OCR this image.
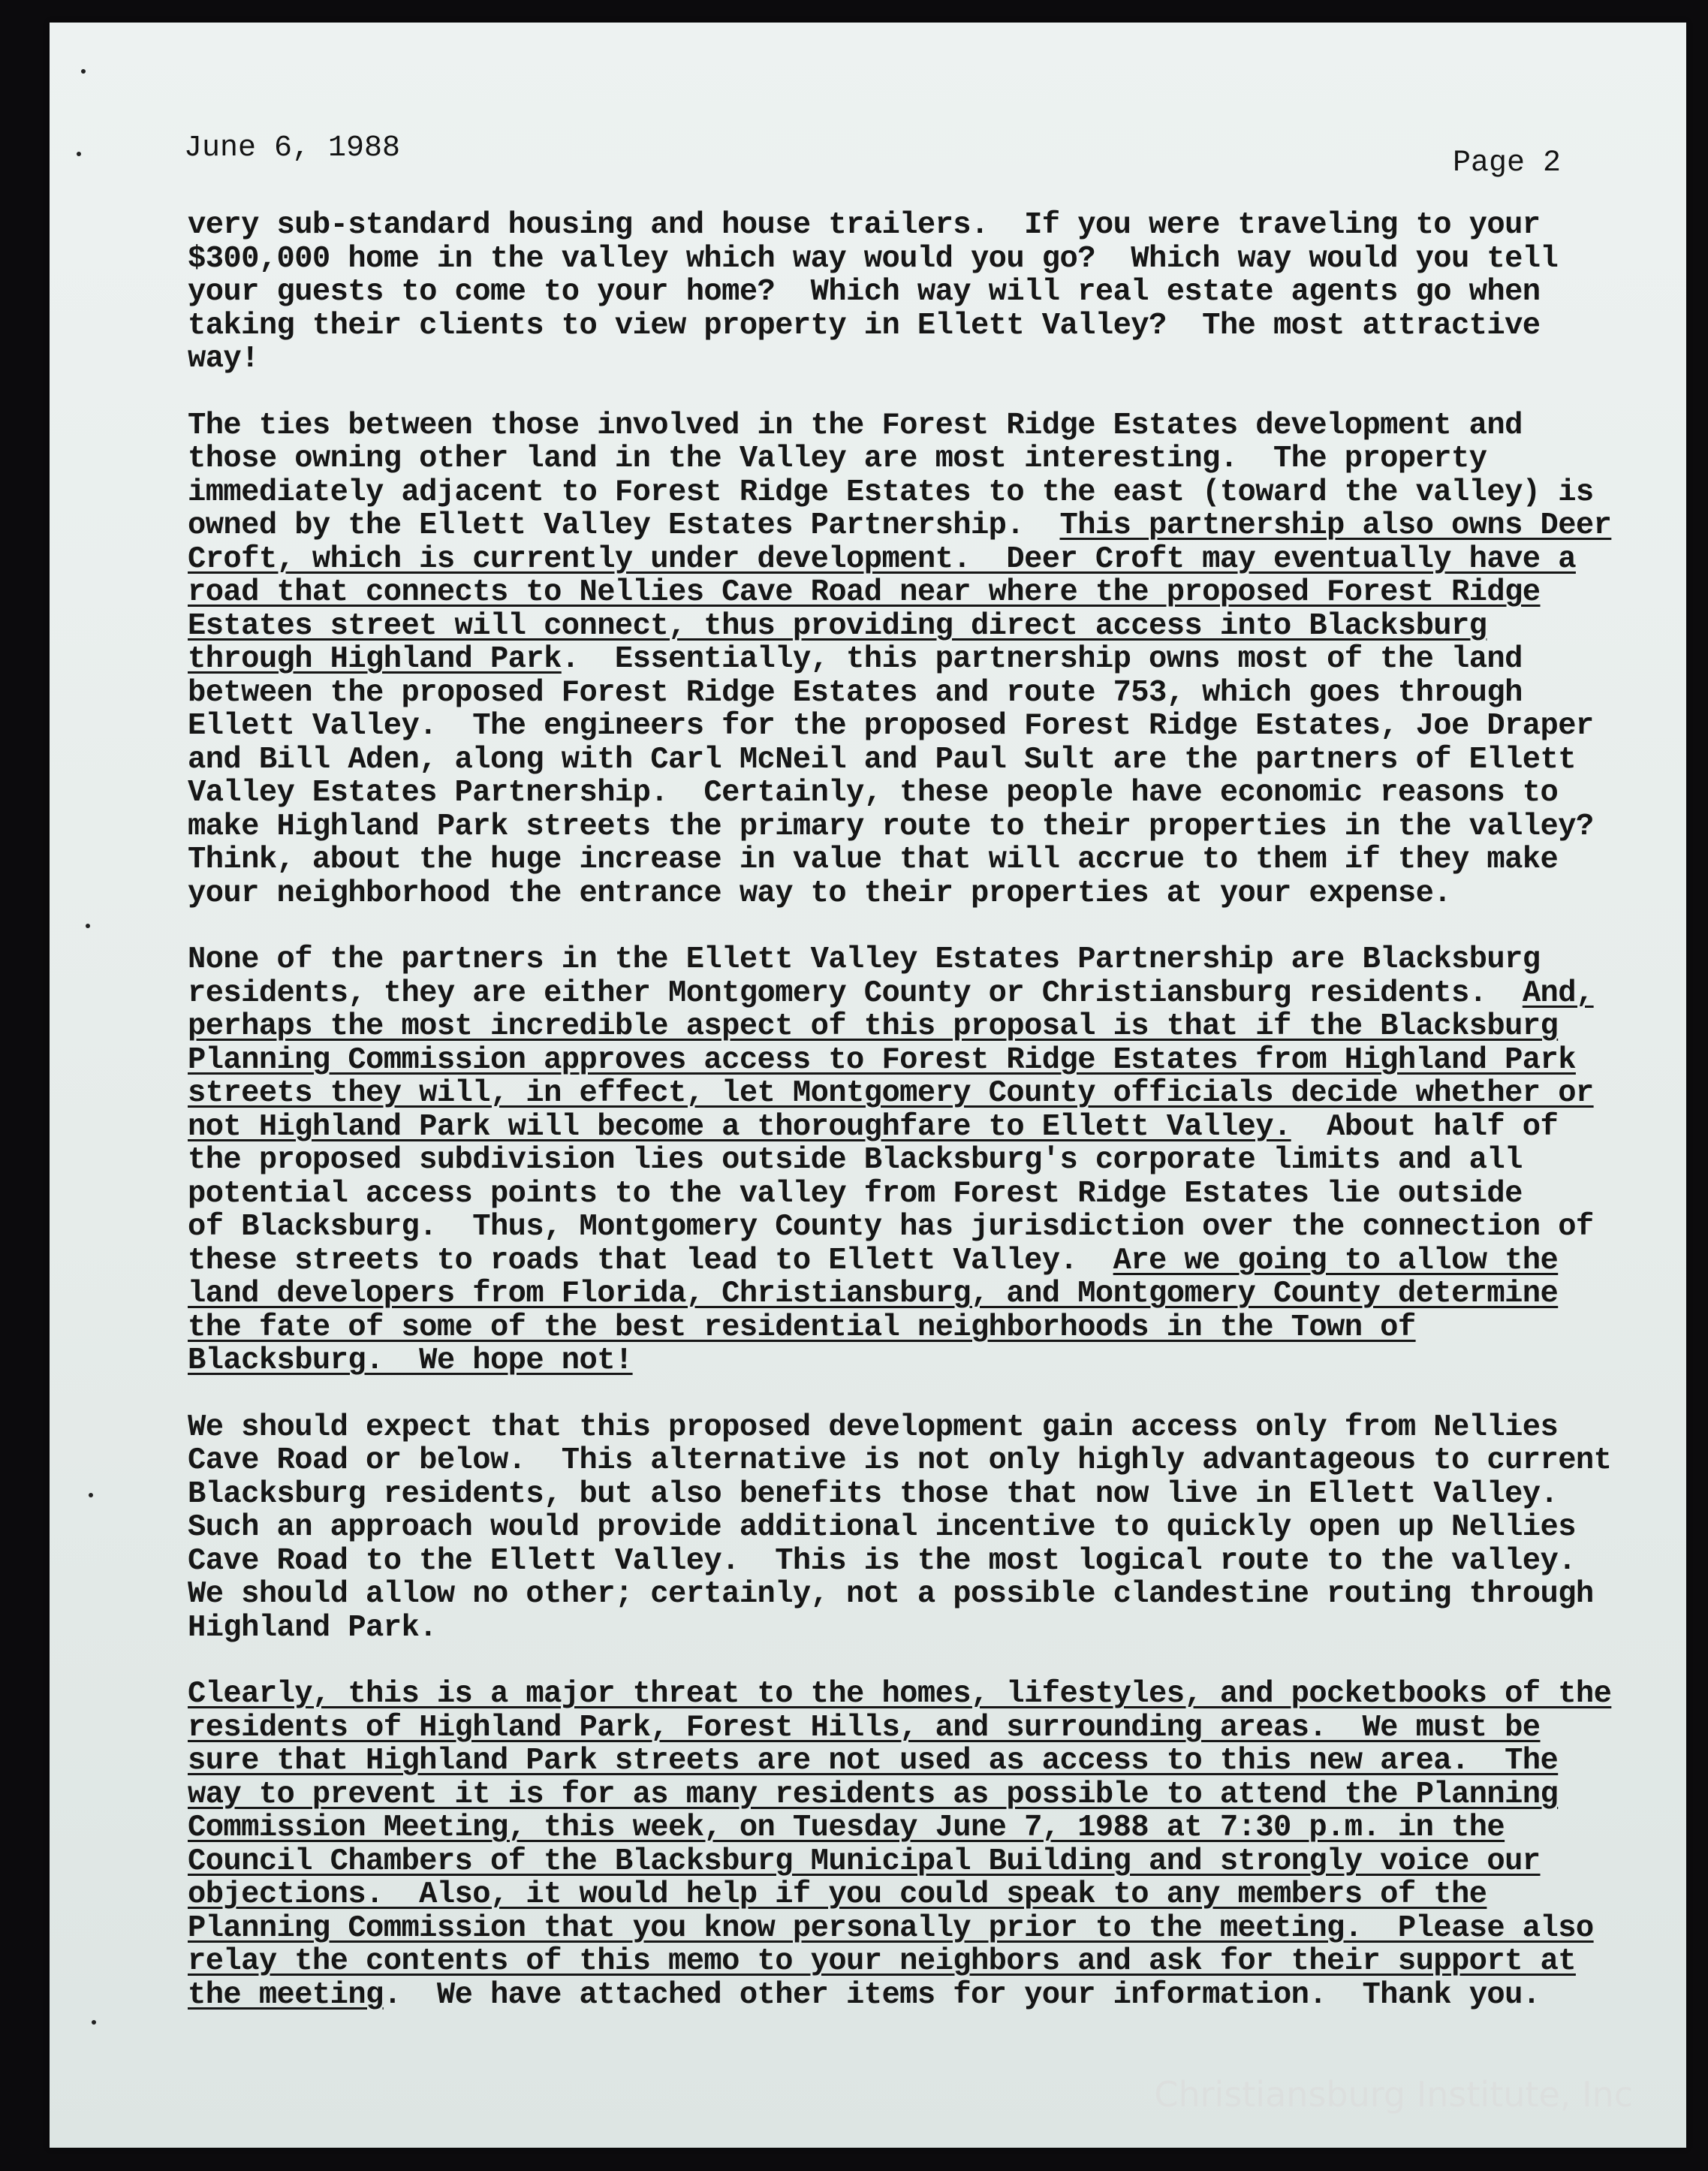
June 6, 1988	Page 2
very sub-standard housing and house trailers.  If you were traveling to your
$300,000 home in the valley which way would you go?  Which way would you tell
your guests to come to your home?  Which way will real estate agents go when
taking their clients to view property in Ellett Valley?  The most attractive
way!
The ties between those involved in the Forest Ridge Estates development and
those owning other land in the Valley are most interesting.  The property
immediately adjacent to Forest Ridge Estates to the east (toward the valley) is
owned by the Ellett Valley Estates Partnership.  This partnership also owns Deer
Croft, which is currently under development.  Deer Croft may eventually have a
road that connects to Nellies Cave Road near where the proposed Forest Ridge
Estates street will connect, thus providing direct access into Blacksburg
through Highland Park.  Essentially, this partnership owns most of the land
between the proposed Forest Ridge Estates and route 753, which goes through
Ellett Valley.  The engineers for the proposed Forest Ridge Estates, Joe Draper
and Bill Aden, along with Carl McNeil and Paul Sult are the partners of Ellett
Valley Estates Partnership.  Certainly, these people have economic reasons to
make Highland Park streets the primary route to their properties in the valley?
Think, about the huge increase in value that will accrue to them if they make
your neighborhood the entrance way to their properties at your expense.
None of the partners in the Ellett Valley Estates Partnership are Blacksburg
residents, they are either Montgomery County or Christiansburg residents.  And,
perhaps the most incredible aspect of this proposal is that if the Blacksburg
Planning Commission approves access to Forest Ridge Estates from Highland Park
streets they will, in effect, let Montgomery County officials decide whether or
not Highland Park will become a thoroughfare to Ellett Valley.  About half of
the proposed subdivision lies outside Blacksburg's corporate limits and all
potential access points to the valley from Forest Ridge Estates lie outside
of Blacksburg.  Thus, Montgomery County has jurisdiction over the connection of
these streets to roads that lead to Ellett Valley.  Are we going to allow the
land developers from Florida, Christiansburg, and Montgomery County determine
the fate of some of the best residential neighborhoods in the Town of
Blacksburg.  We hope not!
We should expect that this proposed development gain access only from Nellies
Cave Road or below.  This alternative is not only highly advantageous to current
Blacksburg residents, but also benefits those that now live in Ellett Valley.
Such an approach would provide additional incentive to quickly open up Nellies
Cave Road to the Ellett Valley.  This is the most logical route to the valley.
We should allow no other; certainly, not a possible clandestine routing through
Highland Park.
Clearly, this is a major threat to the homes, lifestyles, and pocketbooks of the
residents of Highland Park, Forest Hills, and surrounding areas.  We must be
sure that Highland Park streets are not used as access to this new area.  The
way to prevent it is for as many residents as possible to attend the Planning
Commission Meeting, this week, on Tuesday June 7, 1988 at 7:30 p.m. in the
Council Chambers of the Blacksburg Municipal Building and strongly voice our
objections.  Also, it would help if you could speak to any members of the
Planning Commission that you know personally prior to the meeting.  Please also
relay the contents of this memo to your neighbors and ask for their support at
the meeting.  We have attached other items for your information.  Thank you.
Christiansburg Institute, Inc
